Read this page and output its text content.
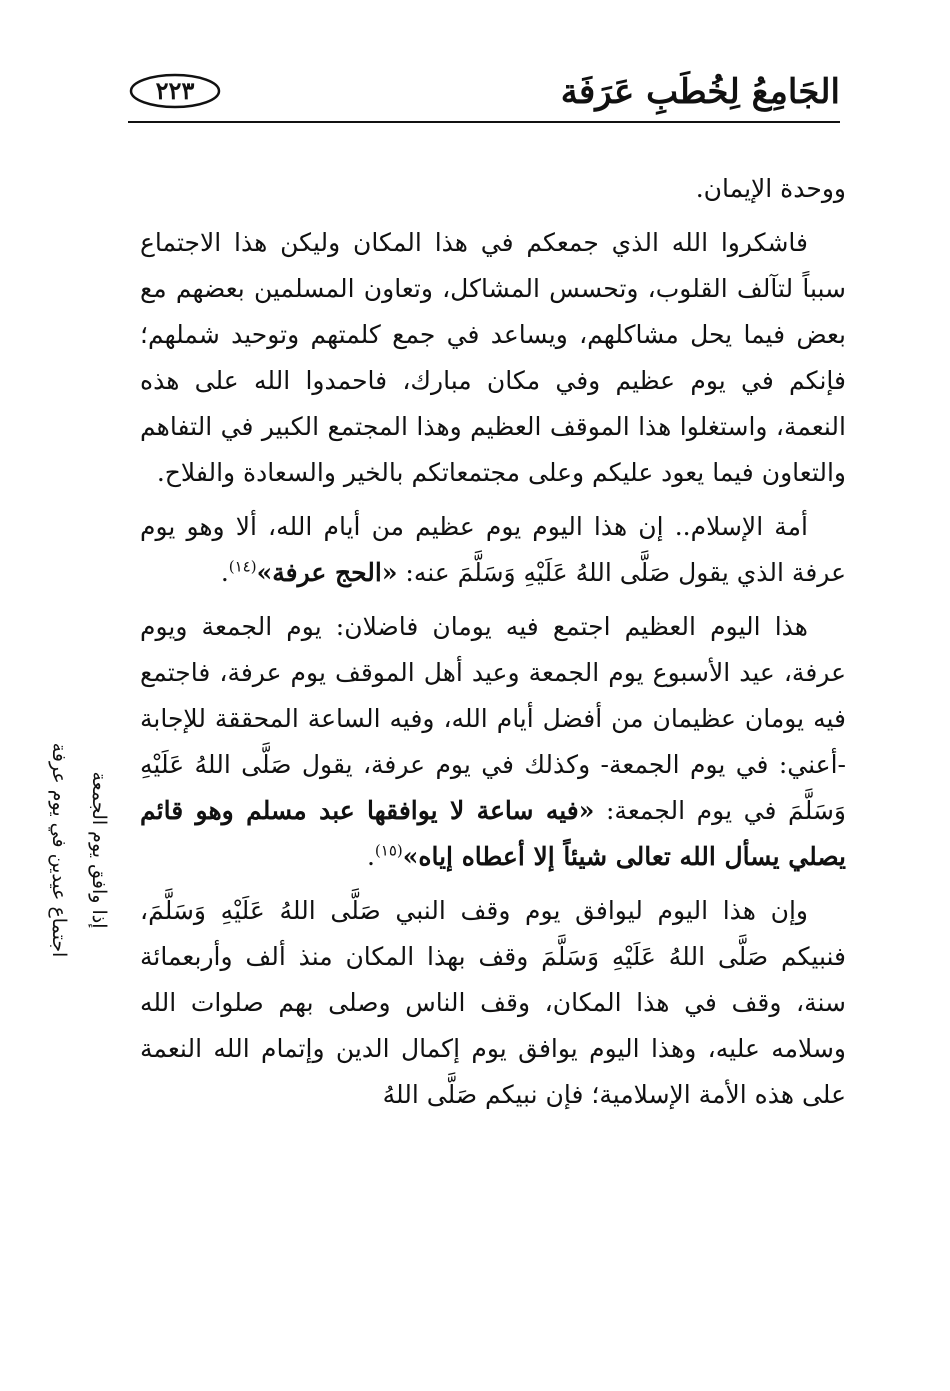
الجَامِعُ لِخُطَبِ عَرَفَة
٢٢٣
اجتماع عيدين في يوم عرفة إذا وافق يوم الجمعة

ووحدة الإيمان.

فاشكروا الله الذي جمعكم في هذا المكان وليكن هذا الاجتماع سبباً لتآلف القلوب، وتحسس المشاكل، وتعاون المسلمين بعضهم مع بعض فيما يحل مشاكلهم، ويساعد في جمع كلمتهم وتوحيد شملهم؛ فإنكم في يوم عظيم وفي مكان مبارك، فاحمدوا الله على هذه النعمة، واستغلوا هذا الموقف العظيم وهذا المجتمع الكبير في التفاهم والتعاون فيما يعود عليكم وعلى مجتمعاتكم بالخير والسعادة والفلاح.

أمة الإسلام.. إن هذا اليوم يوم عظيم من أيام الله، ألا وهو يوم عرفة الذي يقول صَلَّى اللهُ عَلَيْهِ وَسَلَّمَ عنه: «الحج عرفة»$^{(١٤)}$.

هذا اليوم العظيم اجتمع فيه يومان فاضلان: يوم الجمعة ويوم عرفة، عيد الأسبوع يوم الجمعة وعيد أهل الموقف يوم عرفة، فاجتمع فيه يومان عظيمان من أفضل أيام الله، وفيه الساعة المحققة للإجابة -أعني: في يوم الجمعة- وكذلك في يوم عرفة، يقول صَلَّى اللهُ عَلَيْهِ وَسَلَّمَ في يوم الجمعة: «فيه ساعة لا يوافقها عبد مسلم وهو قائم يصلي يسأل الله تعالى شيئاً إلا أعطاه إياه»$^{(١٥)}$.

وإن هذا اليوم ليوافق يوم وقف النبي صَلَّى اللهُ عَلَيْهِ وَسَلَّمَ، فنبيكم صَلَّى اللهُ عَلَيْهِ وَسَلَّمَ وقف بهذا المكان منذ ألف وأربعمائة سنة، وقف في هذا المكان، وقف الناس وصلى بهم صلوات الله وسلامه عليه، وهذا اليوم يوافق يوم إكمال الدين وإتمام الله النعمة على هذه الأمة الإسلامية؛ فإن نبيكم صَلَّى اللهُ
